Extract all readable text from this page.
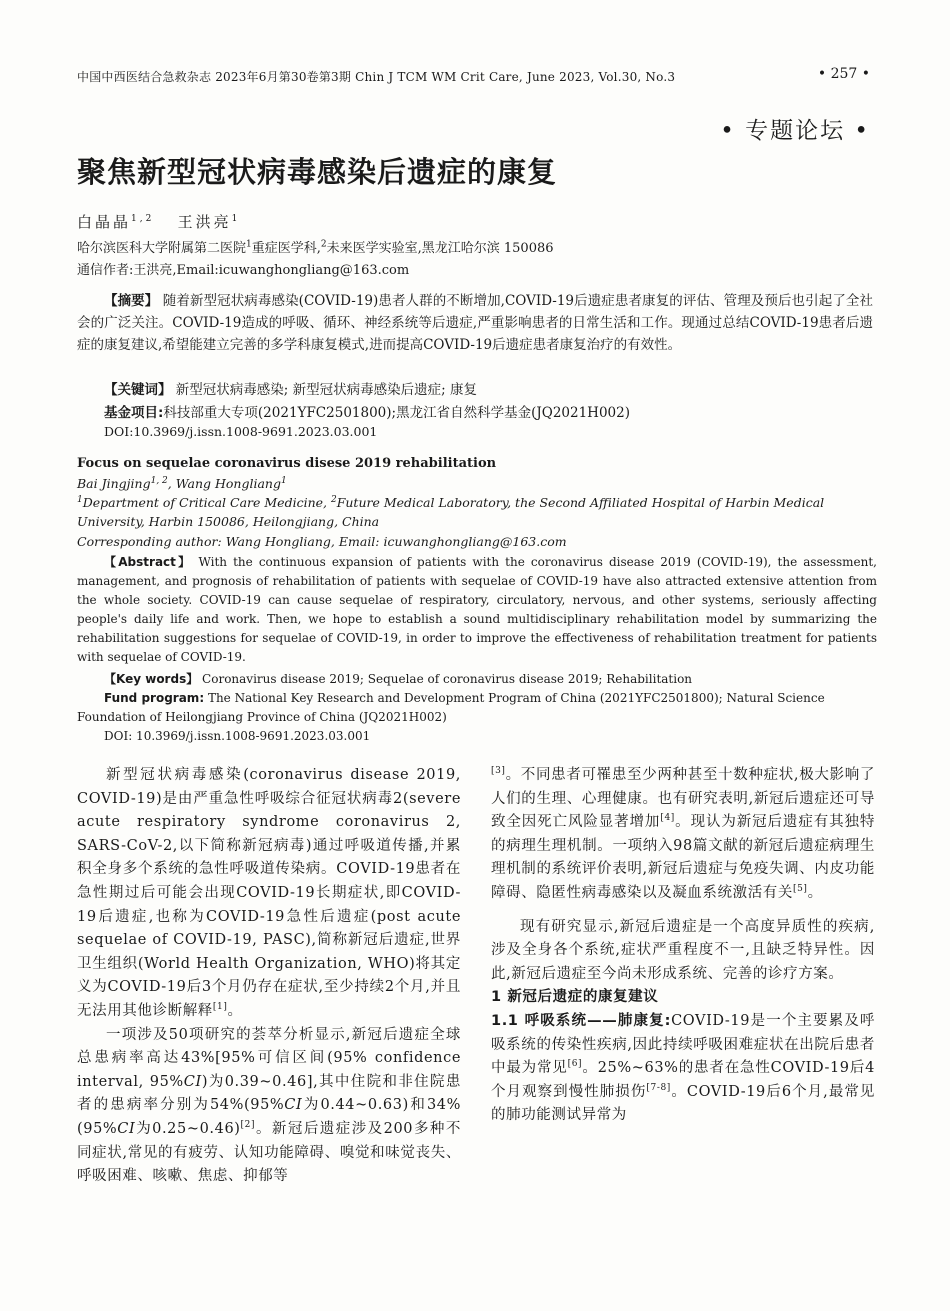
中国中西医结合急救杂志 2023年6月第30卷第3期 Chin J TCM WM Crit Care, June 2023, Vol.30, No.3	• 257 •
• 专题论坛 •
聚焦新型冠状病毒感染后遗症的康复
白晶晶$^{1,2}$ 王洪亮$^1$
哈尔滨医科大学附属第二医院$^1$重症医学科,$^2$未来医学实验室,黑龙江哈尔滨 150086
通信作者:王洪亮,Email:icuwanghongliang@163.com
【摘要】 随着新型冠状病毒感染(COVID-19)患者人群的不断增加,COVID-19后遗症患者康复的评估、管理及预后也引起了全社会的广泛关注。COVID-19造成的呼吸、循环、神经系统等后遗症,严重影响患者的日常生活和工作。现通过总结COVID-19患者后遗症的康复建议,希望能建立完善的多学科康复模式,进而提高COVID-19后遗症患者康复治疗的有效性。
【关键词】 新型冠状病毒感染; 新型冠状病毒感染后遗症; 康复
基金项目:科技部重大专项(2021YFC2501800);黑龙江省自然科学基金(JQ2021H002)
DOI:10.3969/j.issn.1008-9691.2023.03.001
Focus on sequelae coronavirus disese 2019 rehabilitation
Bai Jingjing$^{1, 2}$, Wang Hongliang$^1$
$^1$Department of Critical Care Medicine, $^2$Future Medical Laboratory, the Second Affiliated Hospital of Harbin Medical University, Harbin 150086, Heilongjiang, China
Corresponding author: Wang Hongliang, Email: icuwanghongliang@163.com
【Abstract】 With the continuous expansion of patients with the coronavirus disease 2019 (COVID-19), the assessment, management, and prognosis of rehabilitation of patients with sequelae of COVID-19 have also attracted extensive attention from the whole society. COVID-19 can cause sequelae of respiratory, circulatory, nervous, and other systems, seriously affecting people's daily life and work. Then, we hope to establish a sound multidisciplinary rehabilitation model by summarizing the rehabilitation suggestions for sequelae of COVID-19, in order to improve the effectiveness of rehabilitation treatment for patients with sequelae of COVID-19.
【Key words】 Coronavirus disease 2019; Sequelae of coronavirus disease 2019; Rehabilitation
Fund program: The National Key Research and Development Program of China (2021YFC2501800); Natural Science Foundation of Heilongjiang Province of China (JQ2021H002)
DOI: 10.3969/j.issn.1008-9691.2023.03.001

新型冠状病毒感染(coronavirus disease 2019, COVID-19)是由严重急性呼吸综合征冠状病毒2(severe acute respiratory syndrome coronavirus 2, SARS-CoV-2,以下简称新冠病毒)通过呼吸道传播,并累积全身多个系统的急性呼吸道传染病。COVID-19患者在急性期过后可能会出现COVID-19长期症状,即COVID-19后遗症,也称为COVID-19急性后遗症(post acute sequelae of COVID-19, PASC),简称新冠后遗症,世界卫生组织(World Health Organization, WHO)将其定义为COVID-19后3个月仍存在症状,至少持续2个月,并且无法用其他诊断解释[1]。

一项涉及50项研究的荟萃分析显示,新冠后遗症全球总患病率高达43%[95%可信区间(95% confidence interval, 95%CI)为0.39~0.46],其中住院和非住院患者的患病率分别为54%(95%CI为0.44~0.63)和34%(95%CI为0.25~0.46)[2]。新冠后遗症涉及200多种不同症状,常见的有疲劳、认知功能障碍、嗅觉和味觉丧失、呼吸困难、咳嗽、焦虑、抑郁等

[3]。不同患者可罹患至少两种甚至十数种症状,极大影响了人们的生理、心理健康。也有研究表明,新冠后遗症还可导致全因死亡风险显著增加[4]。现认为新冠后遗症有其独特的病理生理机制。一项纳入98篇文献的新冠后遗症病理生理机制的系统评价表明,新冠后遗症与免疫失调、内皮功能障碍、隐匿性病毒感染以及凝血系统激活有关[5]。

现有研究显示,新冠后遗症是一个高度异质性的疾病,涉及全身各个系统,症状严重程度不一,且缺乏特异性。因此,新冠后遗症至今尚未形成系统、完善的诊疗方案。

1 新冠后遗症的康复建议

1.1 呼吸系统——肺康复:COVID-19是一个主要累及呼吸系统的传染性疾病,因此持续呼吸困难症状在出院后患者中最为常见[6]。25%~63%的患者在急性COVID-19后4个月观察到慢性肺损伤[7-8]。COVID-19后6个月,最常见的肺功能测试异常为
